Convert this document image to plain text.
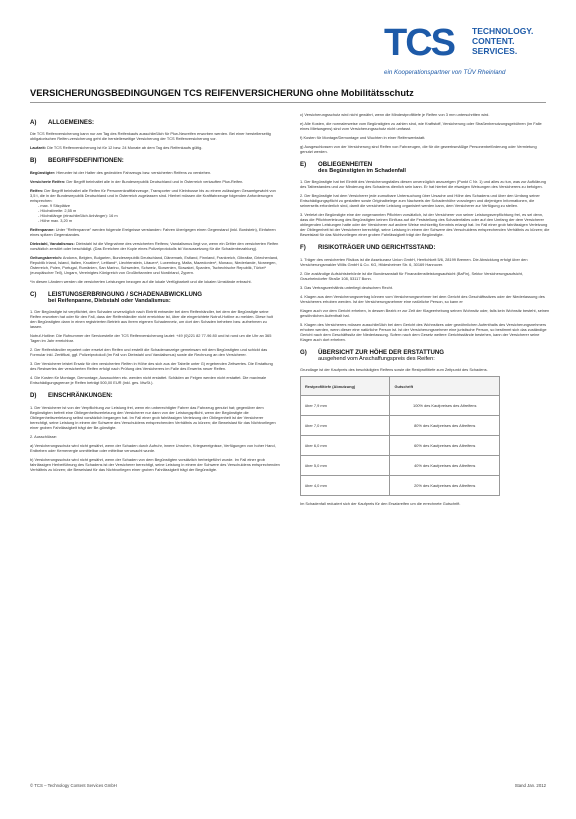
TCS TECHNOLOGY.
CONTENT.
SERVICES.
ein Kooperationspartner von TÜV Rheinland
VERSICHERUNGSBEDINGUNGEN TCS REIFENVERSICHERUNG ohne Mobilitätsschutz
A)	ALLGEMEINES:

Die TCS Reifenversicherung kann nur am Tag des Reifenkaufs ausschließlich für Pkw-Neureifen erworben werden. Bei einer herstellerseitig obligatorischen Reifen-versicherung geht die herstellerseitige Versicherung der TCS Reifenversicherung vor.

Laufzeit: Die TCS Reifenversicherung ist für 12 bzw. 24 Monate ab dem Tag des Reifenkaufs gültig.

B)	BEGRIFFSDEFINITIONEN:

Begünstigter: Hierunter ist der Halter des gedeckten Fahrzeugs bzw. versicherten Reifens zu verstehen.

Versicherte Reifen: Der Begriff beinhaltet alle in der Bundesrepublik Deutschland und in Österreich verkauften Pkw-Reifen.

Reifen: Der Begriff beinhaltet alle Reifen für Personenkraftfahrzeuge, Transporter und Kleinbusse bis zu einem zulässigen Gesamtgewicht von 3,5 t, die in der Bundesrepublik Deutschland und in Österreich zugelassen sind. Hierbei müssen die Kraftfahrzeuge folgenden Anforderungen entsprechen:

- max. 9 Sitzplätze

- Höchstbreite: 2,55 m

- Höchstlänge (einschließlich Anhänger): 16 m

- Höhe max. 3,20 m

Reifenpanne: Unter "Reifenpanne" werden folgende Ereignisse verstanden: Fahren über/gegen einen Gegenstand (inkl. Bordstein), Einfahren eines spitzen Gegenstandes.

Diebstahl, Vandalismus: Diebstahl ist die Wegnahme des versicherten Reifens; Vandalismus liegt vor, wenn ein Dritter den versicherten Reifen vorsätzlich zerstört oder beschädigt. (Das Erreichen der Kopie eines Polizeiprotokolls ist Voraussetzung für die Schadenbezahlung).

Geltungsbereich: Andorra, Belgien, Bulgarien, Bundesrepublik Deutschland, Dänemark, Estland, Finnland, Frankreich, Gibraltar, Griechenland, Republik Irland, Island, Italien, Kroatien*, Lettland*, Liechtenstein, Litauen*, Luxemburg, Malta, Mazedonien*, Monaco, Niederlande, Norwegen, Österreich, Polen, Portugal, Rumänien, San Marino, Schweden, Schweiz, Slowenien, Slowakei, Spanien, Tschechische Republik, Türkei* (europäischer Teil), Ungarn, Vereinigtes Königreich von Großbritannien und Nordirland, Zypern.

*In diesen Ländern werden die versicherten Leistungen bezogen auf die lokale Verfügbarkeit und die lokalen Umstände erbracht.

C)	LEISTUNGSERBRINGUNG / SCHADENABWICKLUNG
bei Reifenpanne, Diebstahl oder Vandalismus:

1. Der Begünstigte ist verpflichtet, den Schaden unverzüglich nach Eintritt entweder bei dem Reifenhändler, bei dem der Begünstigte seine Reifen erworben hat oder für den Fall, dass der Reifenhändler nicht erreichbar ist, über die eingerichtete Notruf-Hotline zu melden. Diese holt den Begünstigten dann in einen registrierten Betrieb aus ihrem eigenen Schadennetz, um dort den Schaden beheben bzw. aufnehmen zu lassen.

Notruf-Hotline: Die Rufnummer der Servicestelle der TCS Reifenversicherung lautet: +49 (0)221 82 77-96 80 und ist rund um die Uhr an 365 Tagen im Jahr erreichbar.

2. Der Reifenhändler repariert oder ersetzt den Reifen und erstellt die Schadenanzeige gemeinsam mit dem Begünstigten und schickt das Formular inkl. Zertifikat, ggf. Polizeiprotokoll (im Fall von Diebstahl und Vandalismus) sowie die Rechnung an den Versicherer.

3. Der Versicherer leistet Ersatz für den versicherten Reifen in Höhe des sich aus der Tabelle unter G) ergebenden Zeitwertes. Die Erstattung des Restwertes der versicherten Reifen erfolgt nach Prüfung des Versicherers im Falle des Erwerbs neuer Reifen.

4. Die Kosten für Montage, Demontage, Auswuchten etc. werden nicht erstattet. Schäden an Felgen werden nicht erstattet. Die maximale Entschädigungsgrenze je Reifen beträgt 500,00 EUR (inkl. ges. MwSt.).

D)	EINSCHRÄNKUNGEN:

1. Der Versicherer ist von der Verpflichtung zur Leistung frei, wenn ein unberechtigter Fahrer das Fahrzeug genutzt hat; gegenüber dem Begünstigten befreit eine Obliegenheitsverletzung den Versicherer nur dann von der Leistungspflicht, wenn der Begünstigte die Obliegenheitsverletzung selbst vorsätzlich begangen hat. Im Fall einer grob fahrlässigen Verletzung der Obliegenheit ist der Versicherer berechtigt, seine Leistung in einem der Schwere des Verschuldens entsprechenden Verhältnis zu kürzen; die Beweislast für das Nichtvorliegen einer groben Fahrlässigkeit trägt der Be-günstigte.

2. Ausschlüsse:

a) Versicherungsschutz wird nicht gewährt, wenn der Schaden durch Aufruhr, innere Unruhen, Kriegsereignisse, Verfügungen von hoher Hand, Erdbeben oder Kernenergie unmittelbar oder mittelbar verursacht wurde.

b) Versicherungsschutz wird nicht gewährt, wenn der Schaden von dem Begünstigten vorsätzlich herbeigeführt wurde. Im Fall einer grob fahrlässigen Herbeiführung des Schadens ist der Versicherer berechtigt, seine Leistung in einem der Schwere des Verschuldens entsprechenden Verhältnis zu kürzen; die Beweislast für das Nichtvorliegen einer groben Fahrlässigkeit trägt der Begünstigte.

c) Versicherungsschutz wird nicht gewährt, wenn die Mindestprofiltiefe je Reifen von 3 mm unterschritten wird.

e) Alle Kosten, die normalerweise vom Begünstigten zu zahlen sind, wie Kraftstoff, Versicherung oder Straßenbenutzungsgebühren (im Falle eines Mietwagens) sind vom Versicherungsschutz nicht umfasst.

f) Kosten für Montage/Demontage und Wuchten in einer Reifenwerkstatt.

g) Ausgeschlossen von der Versicherung sind Reifen von Fahrzeugen, die für die gewerbsmäßige Personenbeförderung oder Vermietung genutzt werden.

E)	OBLIEGENHEITEN
des Begünstigten im Schadenfall

1. Der Begünstigte hat bei Eintritt des Versicherungsfalles diesen unverzüglich anzuzeigen (Punkt C Nr. 1) und alles zu tun, was zur Aufklärung des Tatbestandes und zur Minderung des Schadens dienlich sein kann. Er hat hierbei die etwaigen Weisungen des Versicherers zu befolgen.

2. Der Begünstigte hat dem Versicherer jede zumutbare Untersuchung über Ursache und Höhe des Schadens und über den Umfang seiner Entschädigungspflicht zu gestatten sowie Originalbelege zum Nachweis der Schadenhöhe vorzulegen und diejenigen Informationen, die seinerseits erforderlich sind, damit die versicherte Leistung organisiert werden kann, dem Versicherer zur Verfügung zu stellen.

3. Verletzt der Begünstigte eine der vorgenannten Pflichten vorsätzlich, ist der Versicherer von seiner Leistungsverpflichtung frei, es sei denn, dass die Pflichtverletzung des Begünstigten keinen Einfluss auf die Feststellung des Schadenfalles oder auf den Umfang der dem Versicherer obliegenden Leistungen hatte oder der Versicherer auf andere Weise rechtzeitig Kenntnis erlangt hat. Im Fall einer grob fahrlässigen Verletzung der Obliegenheit ist der Versicherer berechtigt, seine Leistung in einem der Schwere des Verschuldens entsprechenden Verhältnis zu kürzen; die Beweislast für das Nichtvorliegen einer groben Fahrlässigkeit trägt der Begünstigte.

F)	RISIKOTRÄGER UND GERICHTSSTAND:

1. Träger des versicherten Risikos ist die Assekuranz Union GmbH, Herrlichkeit 5/6, 28199 Bremen. Die Abwicklung erfolgt über den Versicherungsmakler Willis GmbH & Co. KG, Hildesheimer Str. 6, 30169 Hannover.

2. Die zuständige Aufsichtsbehörde ist die Bundesanstalt für Finanzdienstleistungsaufsicht (BaFin), Sektor Versicherungsaufsicht, Graurheindorfer Straße 108, 53117 Bonn.

3. Das Vertragsverhältnis unterliegt deutschem Recht.

4. Klagen aus dem Versicherungsvertrag können vom Versicherungsnehmer bei dem Gericht des Geschäftssitzes oder der Niederlassung des Versicherers erhoben werden. Ist der Versicherungsnehmer eine natürliche Person, so kann er

Klagen auch vor dem Gericht erheben, in dessen Bezirk er zur Zeit der Klageerhebung seinen Wohnsitz oder, falls kein Wohnsitz besteht, seinen gewöhnlichen Aufenthalt hat.

5. Klagen des Versicherers müssen ausschließlich bei dem Gericht des Wohnsitzes oder gewöhnlichen Aufenthalts des Versicherungsnehmers erhoben werden, wenn dieser eine natürliche Person ist. Ist der Versicherungsnehmer eine juristische Person, so bestimmt sich das zuständige Gericht nach dem Geschäftssitz der Niederlassung. Sofern nach dem Gesetz weitere Gerichtsstände bestehen, kann der Versicherer seine Klagen auch dort erheben.

G)	ÜBERSICHT ZUR HÖHE DER ERSTATTUNG
ausgehend vom Anschaffungspreis des Reifen:

Grundlage ist der Kaufpreis des beschädigten Reifens sowie die Restprofiltiefe zum Zeitpunkt des Schadens.

Restprofiltiefe (Abnutzung)	Gutschrift
über 7,9 mm	100% des Kaufpreises des Altreifens
über 7,0 mm	80% des Kaufpreises des Altreifens
über 6,0 mm	60% des Kaufpreises des Altreifens
über 5,0 mm	40% des Kaufpreises des Altreifens
über 4,0 mm	20% des Kaufpreises des Altreifens

Im Schadenfall reduziert sich der Kaufpreis für den Ersatzreifen um die errechnete Gutschrift.

© TCS – Technology Content Services GmbH	Stand Jan. 2012
